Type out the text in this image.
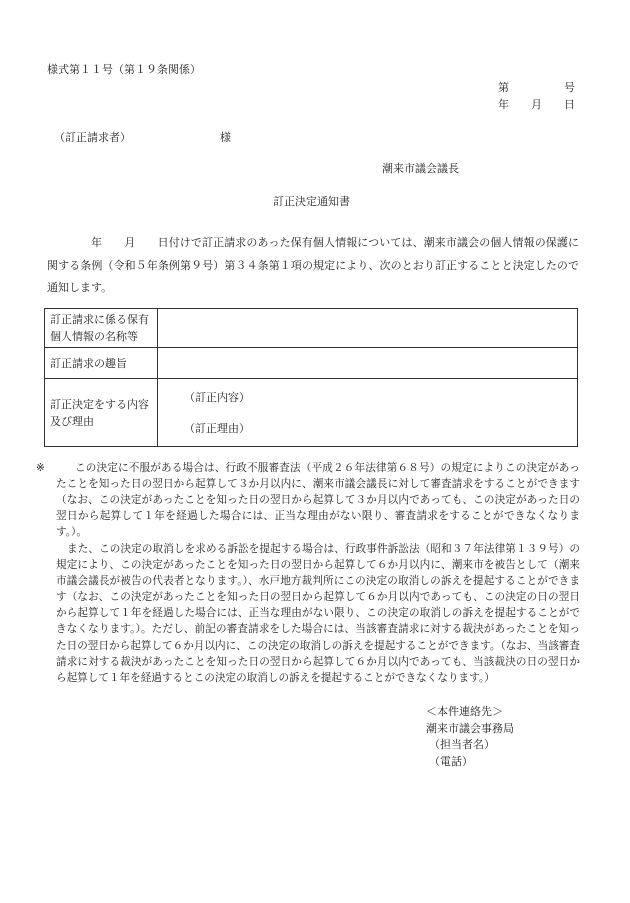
様式第１１号（第１９条関係）
第　　　　　号
年　　月　　日
（訂正請求者）	様
潮来市議会議長
訂正決定通知書
年　　月　　日付けで訂正請求のあった保有個人情報については、潮来市議会の個人情報の保護に関する条例（令和５年条例第９号）第３４条第１項の規定により、次のとおり訂正することと決定したので通知します。
訂正請求に係る保有個人情報の名称等	
訂正請求の趣旨	
訂正決定をする内容及び理由	（訂正内容）
（訂正理由）
※	この決定に不服がある場合は、行政不服審査法（平成２６年法律第６８号）の規定によりこの決定があったことを知った日の翌日から起算して３か月以内に、潮来市議会議長に対して審査請求をすることができます（なお、この決定があったことを知った日の翌日から起算して３か月以内であっても、この決定があった日の翌日から起算して１年を経過した場合には、正当な理由がない限り、審査請求をすることができなくなります。）。
また、この決定の取消しを求める訴訟を提起する場合は、行政事件訴訟法（昭和３７年法律第１３９号）の規定により、この決定があったことを知った日の翌日から起算して６か月以内に、潮来市を被告として（潮来市議会議長が被告の代表者となります。）、水戸地方裁判所にこの決定の取消しの訴えを提起することができます（なお、この決定があったことを知った日の翌日から起算して６か月以内であっても、この決定の日の翌日から起算して１年を経過した場合には、正当な理由がない限り、この決定の取消しの訴えを提起することができなくなります。）。ただし、前記の審査請求をした場合には、当該審査請求に対する裁決があったことを知った日の翌日から起算して６か月以内に、この決定の取消しの訴えを提起することができます。（なお、当該審査請求に対する裁決があったことを知った日の翌日から起算して６か月以内であっても、当該裁決の日の翌日から起算して１年を経過するとこの決定の取消しの訴えを提起することができなくなります。）
＜本件連絡先＞
潮来市議会事務局
（担当者名）
（電話）
